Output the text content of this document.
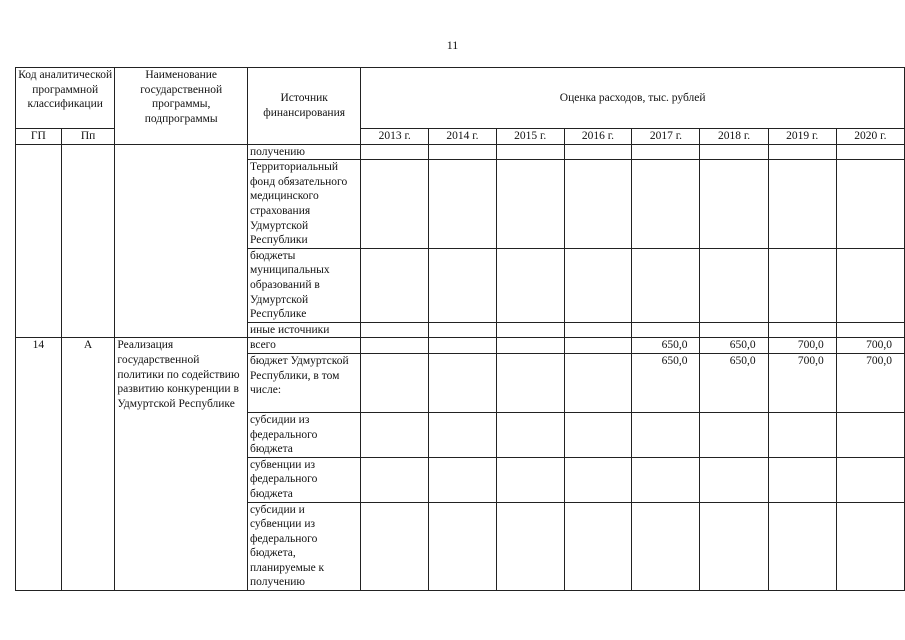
11
Код аналитической программной классификации		Наименование государственной программы, подпрограммы	Источник финансирования	Оценка расходов, тыс. рублей							
ГП	Пп			2013 г.	2014 г.	2015 г.	2016 г.	2017 г.	2018 г.	2019 г.	2020 г.
			получению								
			Территориальный фонд обязательного медицинского страхования Удмуртской Республики								
			бюджеты муниципальных образований в Удмуртской Республике								
			иные источники								
14	А	Реализация государственной политики по содействию развитию конкуренции в Удмуртской Республике	всего					650,0	650,0	700,0	700,0
			бюджет Удмуртской Республики, в том числе:					650,0	650,0	700,0	700,0
			субсидии из федерального бюджета								
			субвенции из федерального бюджета								
			субсидии и субвенции из федерального бюджета, планируемые к получению								
